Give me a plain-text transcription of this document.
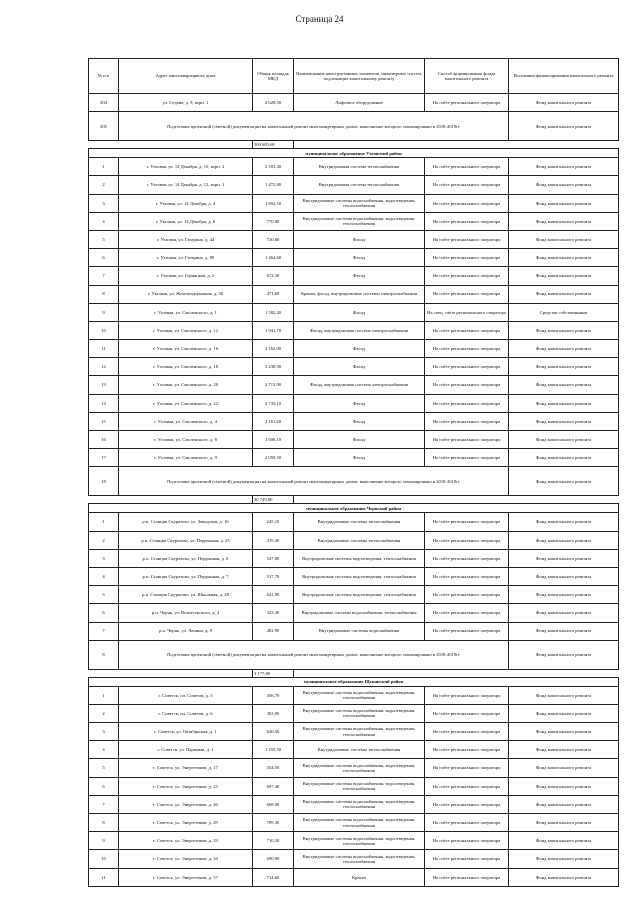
Страница 24
№ п/п	Адрес многоквартирного дома	Общая площадь МКД	Наименование конструктивных элементов, инженерных систем, подлежащих капитальному ремонту	Способ формирования фонда капитального ремонта	Источники финансирования капитального ремонта
304	ул. Седова, д. 9, корп. 1	2 628,50	Лифтовое оборудование	На счёте регионального оператора	Фонд капитального ремонта
305	Подготовка проектной (сметной) документации на капитальный ремонт многоквартирных домов, выполнение которого запланировано в 2018-2019гг				Фонд капитального ремонта
		500 683,68			
муниципальное образование Узловский район					
1	г. Узловая, ул. 14 Декабря, д. 10, корп. 2	2 183,40	Внутридомовая система теплоснабжения	На счёте регионального оператора	Фонд капитального ремонта
2	г. Узловая, ул. 14 Декабря, д. 12, корп. 1	1 472,80	Внутридомовая система теплоснабжения	На счёте регионального оператора	Фонд капитального ремонта
3	г. Узловая, ул. 14 Декабря, д. 4	1 892,50	Внутридомовые системы водоснабжения, водоотведения, теплоснабжения	На счёте регионального оператора	Фонд капитального ремонта
4	г. Узловая, ул. 14 Декабря, д. 6	770,80	Внутридомовые системы водоснабжения, водоотведения, теплоснабжения	На счёте регионального оператора	Фонд капитального ремонта
5	г. Узловая, ул. Гагарина, д. 44	720,60	Фасад	На счёте регионального оператора	Фонд капитального ремонта
6	г. Узловая, ул. Гагарина, д. 89	1 464,60	Фасад	На счёте регионального оператора	Фонд капитального ремонта
7	г. Узловая, ул. Горняцкая, д. 2	672,30	Фасад	На счёте регионального оператора	Фонд капитального ремонта
8	г. Узловая, ул. Железнодорожная, д. 30	471,60	Крыша, фасад, внутридомовые системы электроснабжения	На счёте регионального оператора	Фонд капитального ремонта
9	г. Узловая, ул. Смоленского, д. 1	1 582,40	Фасад	На спец. счёте регионального оператора	Средства собственников
10	г. Узловая, ул. Смоленского, д. 12	1 941,70	Фасад, внутридомовая система электроснабжения	На счёте регионального оператора	Фонд капитального ремонта
11	г. Узловая, ул. Смоленского, д. 16	2 162,00	Фасад	На счёте регионального оператора	Фонд капитального ремонта
12	г. Узловая, ул. Смоленского, д. 18	3 238,90	Фасад	На счёте регионального оператора	Фонд капитального ремонта
13	г. Узловая, ул. Смоленского, д. 20	2 713,90	Фасад, внутридомовая система электроснабжения	На счёте регионального оператора	Фонд капитального ремонта
14	г. Узловая, ул. Смоленского, д. 22	2 735,10	Фасад	На счёте регионального оператора	Фонд капитального ремонта
15	г. Узловая, ул. Смоленского, д. 4	2 161,60	Фасад	На счёте регионального оператора	Фонд капитального ремонта
16	г. Узловая, ул. Смоленского, д. 8	1 606,10	Фасад	На счёте регионального оператора	Фонд капитального ремонта
17	г. Узловая, ул. Смоленского, д. 9	2 959,50	Фасад	На счёте регионального оператора	Фонд капитального ремонта
18	Подготовка проектной (сметной) документации на капитальный ремонт многоквартирных домов, выполнение которого запланировано в 2018-2019гг				Фонд капитального ремонта
		30 749,80			
муниципальное образование Чернский район					
1	р.п. Станция Скуратово, ул. Заводская, д. 16	245,10	Внутридомовые системы теплоснабжения	На счёте регионального оператора	Фонд капитального ремонта
2	р.п. Станция Скуратово, ул. Перронная, д. 25	419,30	Внутридомовые системы теплоснабжения	На счёте регионального оператора	Фонд капитального ремонта
3	р.п. Станция Скуратово, ул. Перронная, д. 6	547,80	Внутридомовые системы водоотведения, теплоснабжения	На счёте регионального оператора	Фонд капитального ремонта
4	р.п. Станция Скуратово, ул. Перронная, д. 7	517,70	Внутридомовые системы водоотведения, теплоснабжения	На счёте регионального оператора	Фонд капитального ремонта
5	р.п. Станция Скуратово, ул. Школьная, д. 28	641,90	Внутридомовые системы водоотведения, теплоснабжения	На счёте регионального оператора	Фонд капитального ремонта
6	р.п. Чернь, ул. Вознесенского, д. 4	323,30	Внутридомовые системы водоснабжения, теплоснабжения	На счёте регионального оператора	Фонд капитального ремонта
7	р.п. Чернь, ул. Ленина, д. 8	482,90	Внутридомовые системы водоснабжения	На счёте регионального оператора	Фонд капитального ремонта
8	Подготовка проектной (сметной) документации на капитальный ремонт многоквартирных домов, выполнение которого запланировано в 2018-2019гг				Фонд капитального ремонта
		3 177,80			
муниципальное образование Щекинский район					
1	г. Советск, пл. Советов, д. 5	456,70	Внутридомовые системы водоснабжения, водоотведения, теплоснабжения	На счёте регионального оператора	Фонд капитального ремонта
2	г. Советск, пл. Советов, д. 6	383,90	Внутридомовые системы водоснабжения, водоотведения, теплоснабжения	На счёте регионального оператора	Фонд капитального ремонта
3	г. Советск, ул. Октябрьская, д. 1	620,50	Внутридомовые системы водоснабжения, водоотведения, теплоснабжения	На счёте регионального оператора	Фонд капитального ремонта
4	г. Советск, ул. Парковая, д. 1	1 355,50	Внутридомовые системы теплоснабжения	На счёте регионального оператора	Фонд капитального ремонта
5	г. Советск, ул. Энергетиков, д. 17	354,50	Внутридомовые системы водоснабжения, водоотведения, теплоснабжения	На счёте регионального оператора	Фонд капитального ремонта
6	г. Советск, ул. Энергетиков, д. 23	697,40	Внутридомовые системы водоснабжения, водоотведения, теплоснабжения	На счёте регионального оператора	Фонд капитального ремонта
7	г. Советск, ул. Энергетиков, д. 26	668,90	Внутридомовые системы водоснабжения, водоотведения, теплоснабжения	На счёте регионального оператора	Фонд капитального ремонта
8	г. Советск, ул. Энергетиков, д. 29	709,30	Внутридомовые системы водоснабжения, водоотведения, теплоснабжения	На счёте регионального оператора	Фонд капитального ремонта
9	г. Советск, ул. Энергетиков, д. 33	710,20	Внутридомовые системы водоснабжения, водоотведения, теплоснабжения	На счёте регионального оператора	Фонд капитального ремонта
10	г. Советск, ул. Энергетиков, д. 34	690,90	Внутридомовые системы водоснабжения, водоотведения, теплоснабжения	На счёте регионального оператора	Фонд капитального ремонта
11	г. Советск, ул. Энергетиков, д. 57	714,60	Крыша	На счёте регионального оператора	Фонд капитального ремонта
